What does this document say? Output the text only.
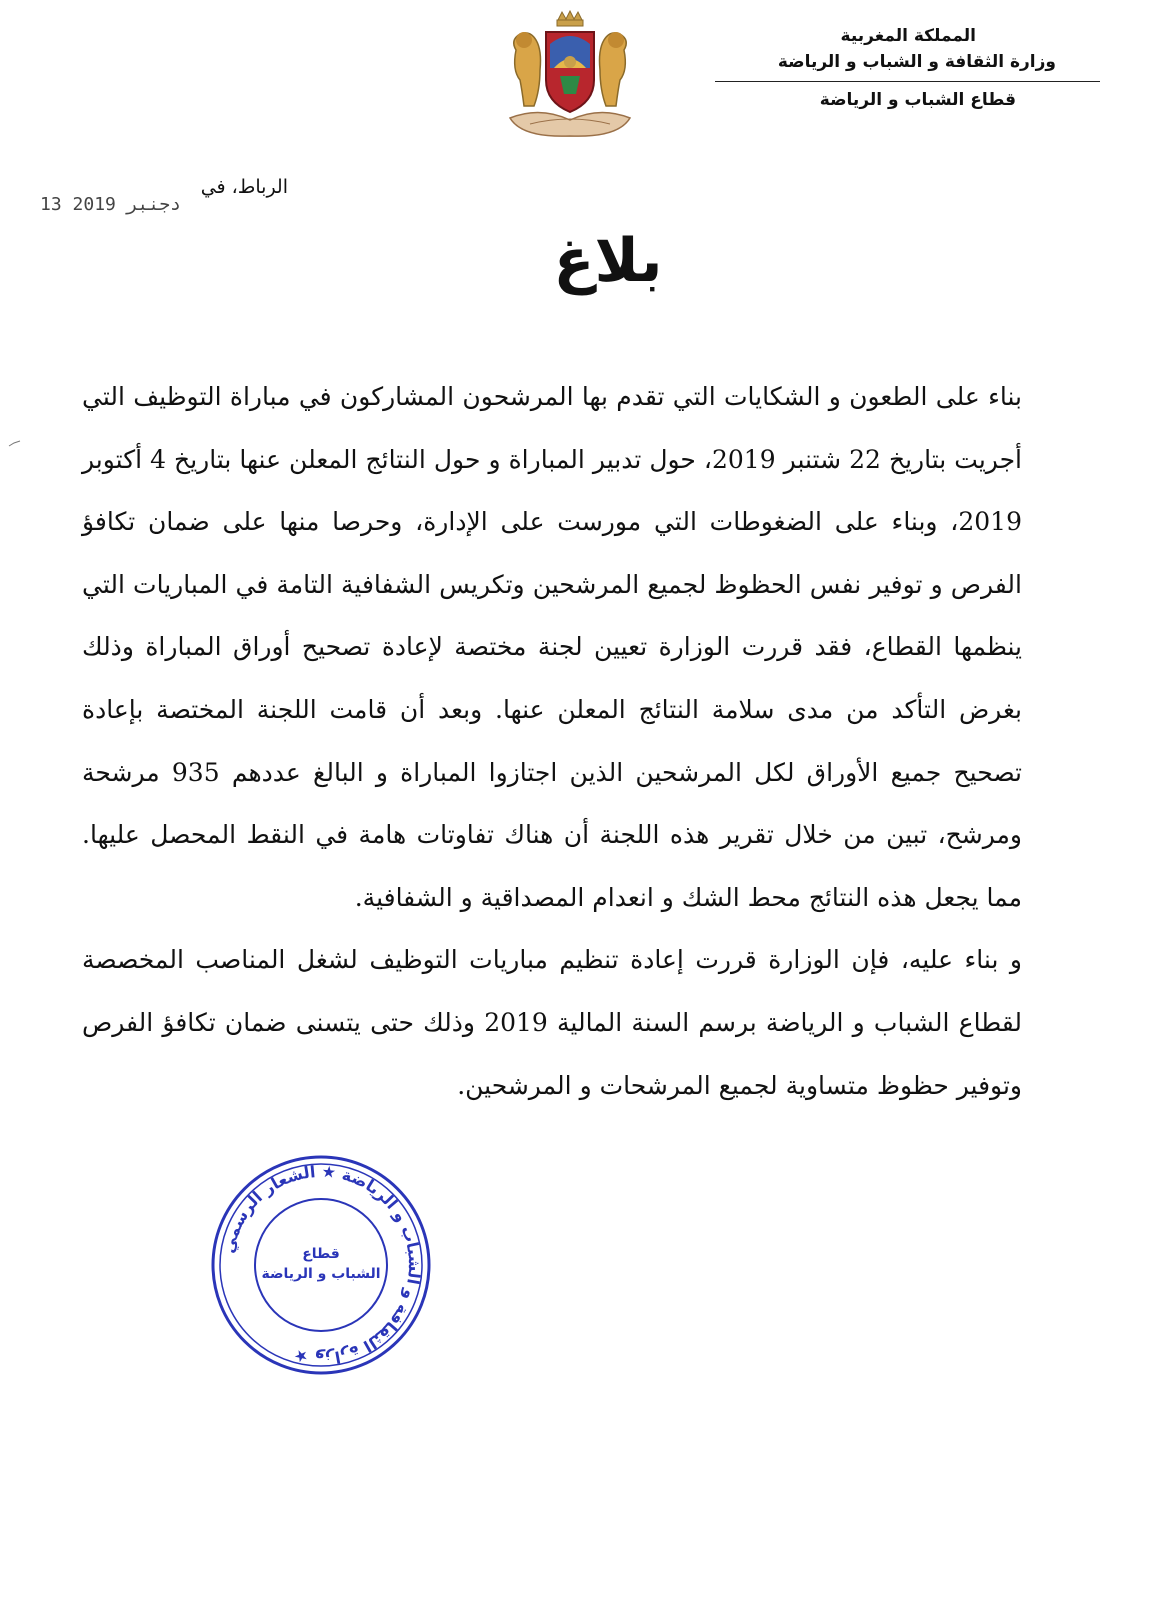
المملكة المغربية
وزارة الثقافة و الشباب و الرياضة
قطاع الشباب و الرياضة
الرباط، في
13 دجنبر 2019
بلاغ

بناء على الطعون و الشكايات التي تقدم بها المرشحون المشاركون في مباراة التوظيف التي أجريت بتاريخ 22 شتنبر 2019، حول تدبير المباراة و حول النتائج المعلن عنها بتاريخ 4 أكتوبر 2019، وبناء على الضغوطات التي مورست على الإدارة، وحرصا منها على ضمان تكافؤ الفرص و توفير نفس الحظوظ لجميع المرشحين وتكريس الشفافية التامة في المباريات التي ينظمها القطاع، فقد قررت الوزارة تعيين لجنة مختصة لإعادة تصحيح أوراق المباراة وذلك بغرض التأكد من مدى سلامة النتائج المعلن عنها. وبعد أن قامت اللجنة المختصة بإعادة تصحيح جميع الأوراق لكل المرشحين الذين اجتازوا المباراة و البالغ عددهم 935 مرشحة ومرشح، تبين من خلال تقرير هذه اللجنة أن هناك تفاوتات هامة في النقط المحصل عليها. مما يجعل هذه النتائج محط الشك و انعدام المصداقية و الشفافية.

و بناء عليه، فإن الوزارة قررت إعادة تنظيم مباريات التوظيف لشغل المناصب المخصصة لقطاع الشباب و الرياضة برسم السنة المالية 2019 وذلك حتى يتسنى ضمان تكافؤ الفرص وتوفير حظوظ متساوية لجميع المرشحات و المرشحين.

وزارة الثقافة و الشباب و الرياضة ★ الشعار الرسمي ★
قطاع
الشباب و الرياضة
